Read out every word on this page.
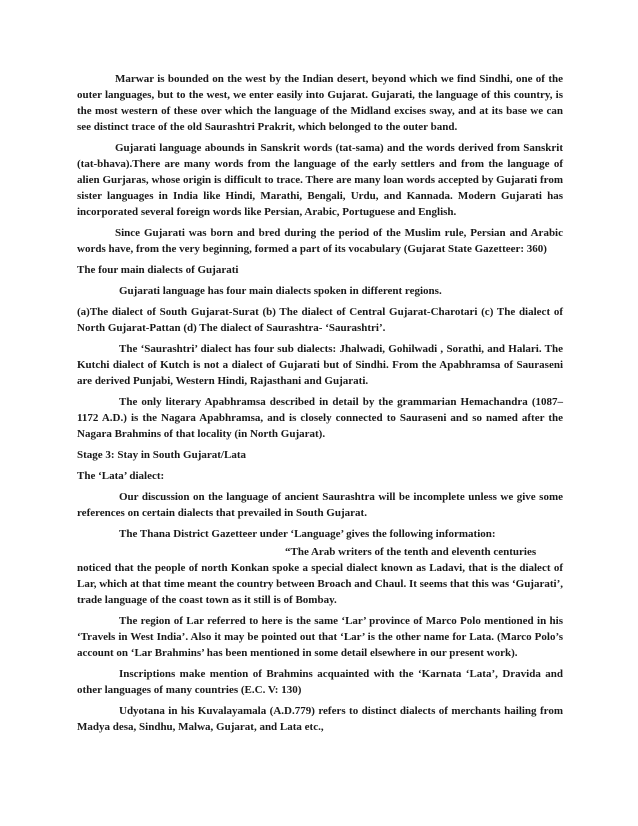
Marwar is bounded on the west by the Indian desert, beyond which we find Sindhi, one of the outer languages, but to the west, we enter easily into Gujarat. Gujarati, the language of this country, is the most western of these over which the language of the Midland excises sway, and at its base we can see distinct trace of the old Saurashtri Prakrit, which belonged to the outer band.

Gujarati language abounds in Sanskrit words (tat-sama) and the words derived from Sanskrit (tat-bhava).There are many words from the language of the early settlers and from the language of alien Gurjaras, whose origin is difficult to trace. There are many loan words accepted by Gujarati from sister languages in India like Hindi, Marathi, Bengali, Urdu, and Kannada. Modern Gujarati has incorporated several foreign words like Persian, Arabic, Portuguese and English.

Since Gujarati was born and bred during the period of the Muslim rule, Persian and Arabic words have, from the very beginning, formed a part of its vocabulary (Gujarat State Gazetteer: 360)

The four main dialects of Gujarati

Gujarati language has four main dialects spoken in different regions.

(a)The dialect of South Gujarat-Surat (b) The dialect of Central Gujarat-Charotari (c) The dialect of North Gujarat-Pattan (d) The dialect of Saurashtra- ‘Saurashtri’.

The ‘Saurashtri’ dialect has four sub dialects: Jhalwadi, Gohilwadi , Sorathi, and Halari. The Kutchi dialect of Kutch is not a dialect of Gujarati but of Sindhi. From the Apabhramsa of Sauraseni are derived Punjabi, Western Hindi, Rajasthani and Gujarati.

The only literary Apabhramsa described in detail by the grammarian Hemachandra (1087–1172 A.D.) is the Nagara Apabhramsa, and is closely connected to Sauraseni and so named after the Nagara Brahmins of that locality (in North Gujarat).

Stage 3: Stay in South Gujarat/Lata

The ‘Lata’ dialect:

Our discussion on the language of ancient Saurashtra will be incomplete unless we give some references on certain dialects that prevailed in South Gujarat.

The Thana District Gazetteer under ‘Language’ gives the following information:

“The Arab writers of the tenth and eleventh centuries

noticed that the people of north Konkan spoke a special dialect known as Ladavi, that is the dialect of Lar, which at that time meant the country between Broach and Chaul. It seems that this was ‘Gujarati’, trade language of the coast town as it still is of Bombay.

The region of Lar referred to here is the same ‘Lar’ province of Marco Polo mentioned in his ‘Travels in West India’. Also it may be pointed out that ‘Lar’ is the other name for Lata. (Marco Polo’s account on ‘Lar Brahmins’ has been mentioned in some detail elsewhere in our present work).

Inscriptions make mention of Brahmins acquainted with the ‘Karnata ‘Lata’, Dravida and other languages of many countries (E.C. V: 130)

Udyotana in his Kuvalayamala (A.D.779) refers to distinct dialects of merchants hailing from Madya desa, Sindhu, Malwa, Gujarat, and Lata etc.,
